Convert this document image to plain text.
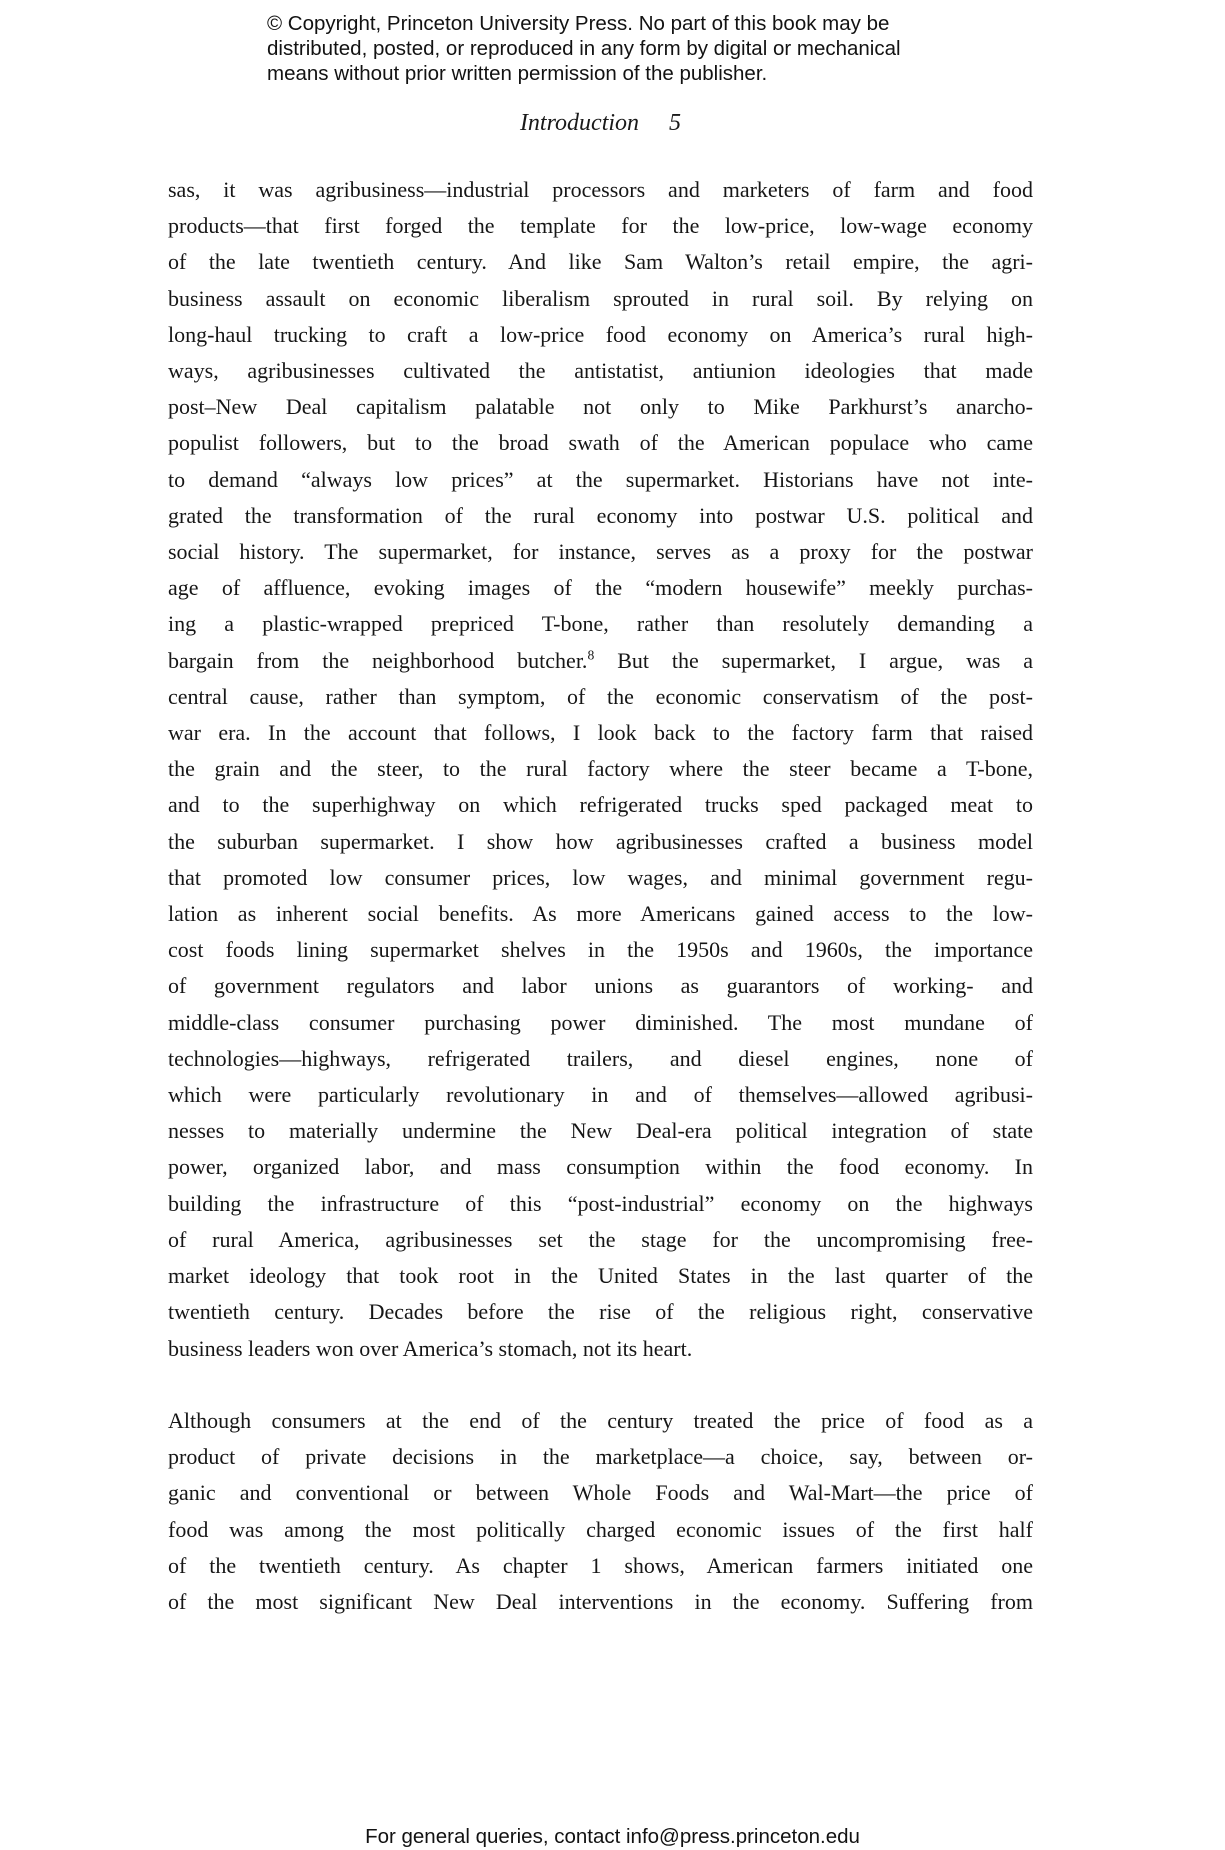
© Copyright, Princeton University Press. No part of this book may be
distributed, posted, or reproduced in any form by digital or mechanical
means without prior written permission of the publisher.
Introduction 5
sas, it was agribusiness—industrial processors and marketers of farm and food
products—that first forged the template for the low-price, low-wage economy
of the late twentieth century. And like Sam Walton’s retail empire, the agri-
business assault on economic liberalism sprouted in rural soil. By relying on
long-haul trucking to craft a low-price food economy on America’s rural high-
ways, agribusinesses cultivated the antistatist, antiunion ideologies that made
post–New Deal capitalism palatable not only to Mike Parkhurst’s anarcho-
populist followers, but to the broad swath of the American populace who came
to demand “always low prices” at the supermarket. Historians have not inte-
grated the transformation of the rural economy into postwar U.S. political and
social history. The supermarket, for instance, serves as a proxy for the postwar
age of affluence, evoking images of the “modern housewife” meekly purchas-
ing a plastic-wrapped prepriced T-bone, rather than resolutely demanding a
bargain from the neighborhood butcher.$^8$ But the supermarket, I argue, was a
central cause, rather than symptom, of the economic conservatism of the post-
war era. In the account that follows, I look back to the factory farm that raised
the grain and the steer, to the rural factory where the steer became a T-bone,
and to the superhighway on which refrigerated trucks sped packaged meat to
the suburban supermarket. I show how agribusinesses crafted a business model
that promoted low consumer prices, low wages, and minimal government regu-
lation as inherent social benefits. As more Americans gained access to the low-
cost foods lining supermarket shelves in the 1950s and 1960s, the importance
of government regulators and labor unions as guarantors of working- and
middle-class consumer purchasing power diminished. The most mundane of
technologies—highways, refrigerated trailers, and diesel engines, none of
which were particularly revolutionary in and of themselves—allowed agribusi-
nesses to materially undermine the New Deal-era political integration of state
power, organized labor, and mass consumption within the food economy. In
building the infrastructure of this “post-industrial” economy on the highways
of rural America, agribusinesses set the stage for the uncompromising free-
market ideology that took root in the United States in the last quarter of the
twentieth century. Decades before the rise of the religious right, conservative
business leaders won over America’s stomach, not its heart.
Although consumers at the end of the century treated the price of food as a
product of private decisions in the marketplace—a choice, say, between or-
ganic and conventional or between Whole Foods and Wal-Mart—the price of
food was among the most politically charged economic issues of the first half
of the twentieth century. As chapter 1 shows, American farmers initiated one
of the most significant New Deal interventions in the economy. Suffering from
For general queries, contact info@press.princeton.edu
